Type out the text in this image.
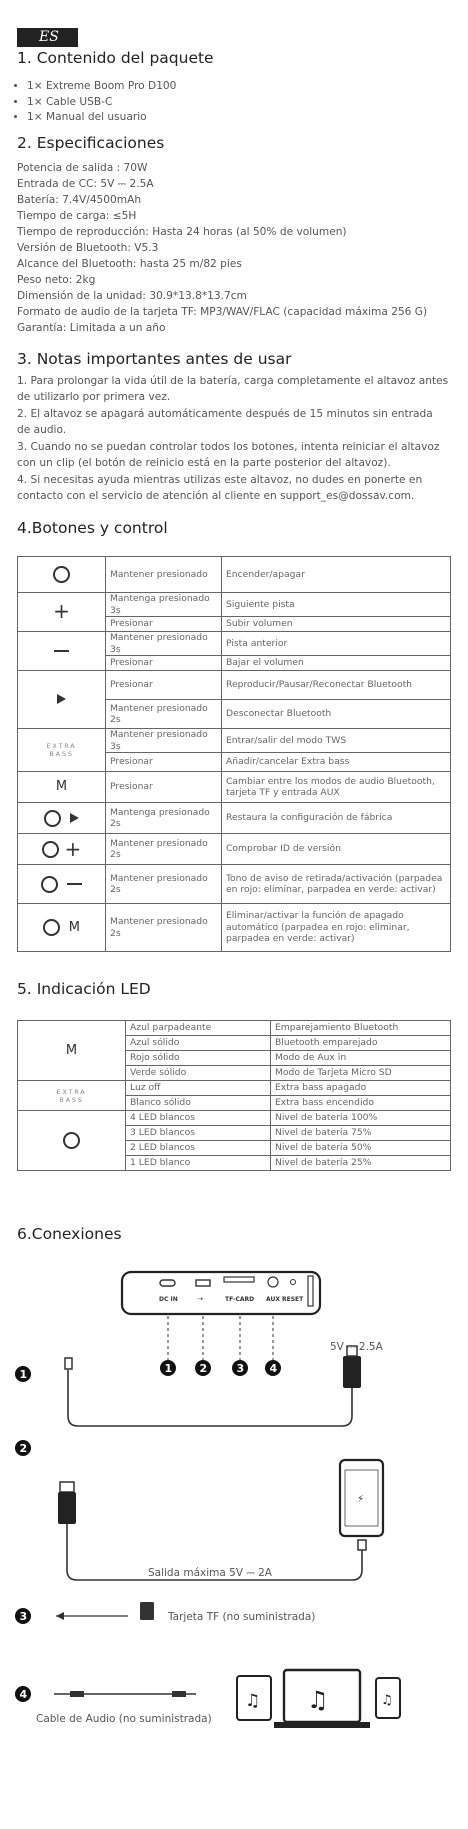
ES
1. Contenido del paquete
• 1× Extreme Boom Pro D100
• 1× Cable USB-C
• 1× Manual del usuario
2. Especificaciones
Potencia de salida : 70W
Entrada de CC: 5V ⎓ 2.5A
Batería: 7.4V/4500mAh
Tiempo de carga: ≤5H
Tiempo de reproducción: Hasta 24 horas (al 50% de volumen)
Versión de Bluetooth: V5.3
Alcance del Bluetooth: hasta 25 m/82 pies
Peso neto: 2kg
Dimensión de la unidad: 30.9*13.8*13.7cm
Formato de audio de la tarjeta TF: MP3/WAV/FLAC (capacidad máxima 256 G)
Garantía: Limitada a un año
3. Notas importantes antes de usar

1. Para prolongar la vida útil de la batería, carga completamente el altavoz antes de utilizarlo por primera vez.

2. El altavoz se apagará automáticamente después de 15 minutos sin entrada de audio.

3. Cuando no se puedan controlar todos los botones, intenta reiniciar el altavoz con un clip (el botón de reinicio está en la parte posterior del altavoz).

4. Si necesitas ayuda mientras utilizas este altavoz, no dudes en ponerte en contacto con el servicio de atención al cliente en support_es@dossav.com.

4.Botones y control
	Mantener presionado	Encender/apagar
+	Mantenga presionado 3s	Siguiente pista
	Presionar	Subir volumen
	Mantener presionado 3s	Pista anterior
	Presionar	Bajar el volumen
	Presionar	Reproducir/Pausar/Reconectar Bluetooth
	Mantener presionado 2s	Desconectar Bluetooth

EXTRA
BASS	Mantener presionado 3s	Entrar/salir del modo TWS
	Presionar	Añadir/cancelar Extra bass
M	Presionar	Cambiar entre los modos de audio Bluetooth, tarjeta TF y entrada AUX
	Mantenga presionado 2s	Restaura la configuración de fábrica
+	Mantener presionado 2s	Comprobar ID de versión
	Mantener presionado 2s	Tono de aviso de retirada/activación (parpadea en rojo: eliminar, parpadea en verde: activar)
M	Mantener presionado 2s	Eliminar/activar la función de apagado automático (parpadea en rojo: eliminar, parpadea en verde: activar)
5. Indicación LED
M	Azul parpadeante	Emparejamiento Bluetooth
	Azul sólido	Bluetooth emparejado
	Rojo sólido	Modo de Aux in
	Verde sólido	Modo de Tarjeta Micro SD

EXTRA
BASS	Luz off	Extra bass apagado
	Blanco sólido	Extra bass encendido
	4 LED blancos	Nivel de batería 100%
	3 LED blancos	Nivel de batería 75%
	2 LED blancos	Nivel de batería 50%
	1 LED blanco	Nivel de batería 25%
6.Conexiones
DC IN	⇢	TF-CARD AUX RESET
1 2	3 4
1
5V ⎓ 2.5A
2
⚡
Salida máxima 5V ⎓ 2A
3	Tarjeta TF (no suministrada)
4	♫ ♫	♫
Cable de Audio (no suministrada)
